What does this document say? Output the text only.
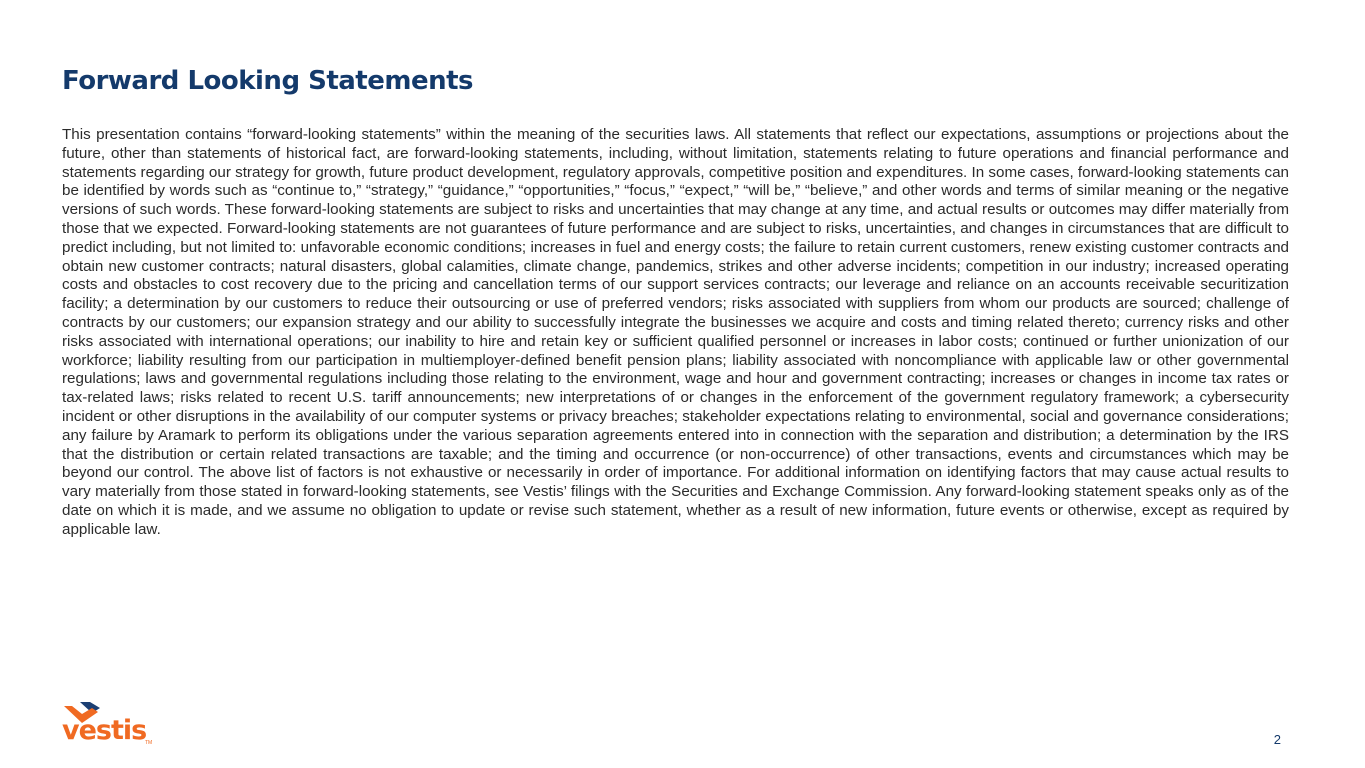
Forward Looking Statements

This presentation contains “forward-looking statements” within the meaning of the securities laws. All statements that reflect our expectations, assumptions or projections about the future, other than statements of historical fact, are forward-looking statements, including, without limitation, statements relating to future operations and financial performance and statements regarding our strategy for growth, future product development, regulatory approvals, competitive position and expenditures. In some cases, forward-looking statements can be identified by words such as “continue to,” “strategy,” “guidance,” “opportunities,” “focus,” “expect,” “will be,” “believe,” and other words and terms of similar meaning or the negative versions of such words. These forward-looking statements are subject to risks and uncertainties that may change at any time, and actual results or outcomes may differ materially from those that we expected. Forward-looking statements are not guarantees of future performance and are subject to risks, uncertainties, and changes in circumstances that are difficult to predict including, but not limited to: unfavorable economic conditions; increases in fuel and energy costs; the failure to retain current customers, renew existing customer contracts and obtain new customer contracts; natural disasters, global calamities, climate change, pandemics, strikes and other adverse incidents; competition in our industry; increased operating costs and obstacles to cost recovery due to the pricing and cancellation terms of our support services contracts; our leverage and reliance on an accounts receivable securitization facility; a determination by our customers to reduce their outsourcing or use of preferred vendors; risks associated with suppliers from whom our products are sourced; challenge of contracts by our customers; our expansion strategy and our ability to successfully integrate the businesses we acquire and costs and timing related thereto; currency risks and other risks associated with international operations; our inability to hire and retain key or sufficient qualified personnel or increases in labor costs; continued or further unionization of our workforce; liability resulting from our participation in multiemployer-defined benefit pension plans; liability associated with noncompliance with applicable law or other governmental regulations; laws and governmental regulations including those relating to the environment, wage and hour and government contracting; increases or changes in income tax rates or tax-related laws; risks related to recent U.S. tariff announcements; new interpretations of or changes in the enforcement of the government regulatory framework; a cybersecurity incident or other disruptions in the availability of our computer systems or privacy breaches; stakeholder expectations relating to environmental, social and governance considerations; any failure by Aramark to perform its obligations under the various separation agreements entered into in connection with the separation and distribution; a determination by the IRS that the distribution or certain related transactions are taxable; and the timing and occurrence (or non-occurrence) of other transactions, events and circumstances which may be beyond our control. The above list of factors is not exhaustive or necessarily in order of importance. For additional information on identifying factors that may cause actual results to vary materially from those stated in forward-looking statements, see Vestis’ filings with the Securities and Exchange Commission. Any forward-looking statement speaks only as of the date on which it is made, and we assume no obligation to update or revise such statement, whether as a result of new information, future events or otherwise, except as required by applicable law.

vestis
TM	2
